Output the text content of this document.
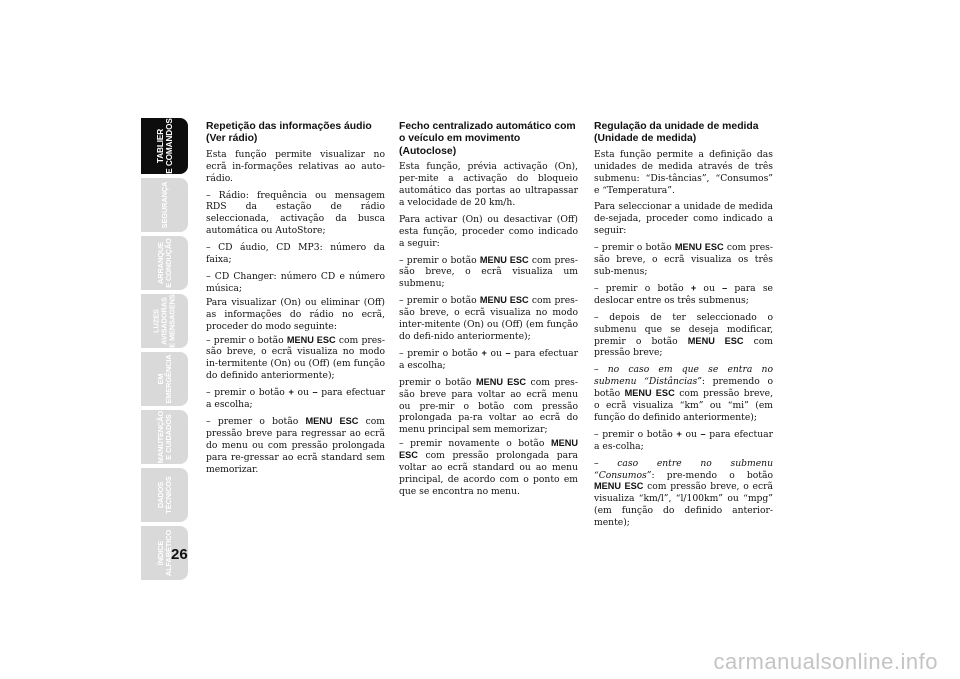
TABLIER
E COMANDOS
SEGURANÇA
ARRANQUE
E CONDUÇÃO
LUZES
AVISADORAS
E MENSAGENS
EM
EMERGÊNCIA
MANUTENÇÃO
E CUIDADOS
DADOS
TÉCNICOS
ÍNDICE
ALFABÉTICO
26
Repetição das informações áudio (Ver rádio)

Esta função permite visualizar no ecrã in-formações relativas ao auto-rádio.

– Rádio: frequência ou mensagem RDS da estação de rádio seleccionada, activação da busca automática ou AutoStore;

– CD áudio, CD MP3: número da faixa;

– CD Changer: número CD e número música;

Para visualizar (On) ou eliminar (Off) as informações do rádio no ecrã, proceder do modo seguinte:

– premir o botão MENU ESC com pres-são breve, o ecrã visualiza no modo in-termitente (On) ou (Off) (em função do definido anteriormente);

– premir o botão + ou – para efectuar a escolha;

– premer o botão MENU ESC com pressão breve para regressar ao ecrã do menu ou com pressão prolongada para re-gressar ao ecrã standard sem memorizar.

Fecho centralizado automático com o veículo em movimento (Autoclose)

Esta função, prévia activação (On), per-mite a activação do bloqueio automático das portas ao ultrapassar a velocidade de 20 km/h.

Para activar (On) ou desactivar (Off) esta função, proceder como indicado a seguir:

– premir o botão MENU ESC com pres-são breve, o ecrã visualiza um submenu;

– premir o botão MENU ESC com pres-são breve, o ecrã visualiza no modo inter-mitente (On) ou (Off) (em função do defi-nido anteriormente);

– premir o botão + ou – para efectuar a escolha;

premir o botão MENU ESC com pres-são breve para voltar ao ecrã menu ou pre-mir o botão com pressão prolongada pa-ra voltar ao ecrã do menu principal sem memorizar;

– premir novamente o botão MENU ESC com pressão prolongada para voltar ao ecrã standard ou ao menu principal, de acordo com o ponto em que se encontra no menu.

Regulação da unidade de medida (Unidade de medida)

Esta função permite a definição das unidades de medida através de três submenu: “Dis-tâncias”, “Consumos” e “Temperatura”.

Para seleccionar a unidade de medida de-sejada, proceder como indicado a seguir:

– premir o botão MENU ESC com pres-são breve, o ecrã visualiza os três sub-menus;

– premir o botão + ou – para se deslocar entre os três submenus;

– depois de ter seleccionado o submenu que se deseja modificar, premir o botão MENU ESC com pressão breve;

– no caso em que se entra no submenu “Distâncias”: premendo o botão MENU ESC com pressão breve, o ecrã visualiza “km” ou “mi” (em função do definido anteriormente);

– premir o botão + ou – para efectuar a es-colha;

– caso entre no submenu “Consumos”: pre-mendo o botão MENU ESC com pressão breve, o ecrã visualiza “km/l”, “l/100km” ou “mpg” (em função do definido anterior-mente);

carmanualsonline.info
